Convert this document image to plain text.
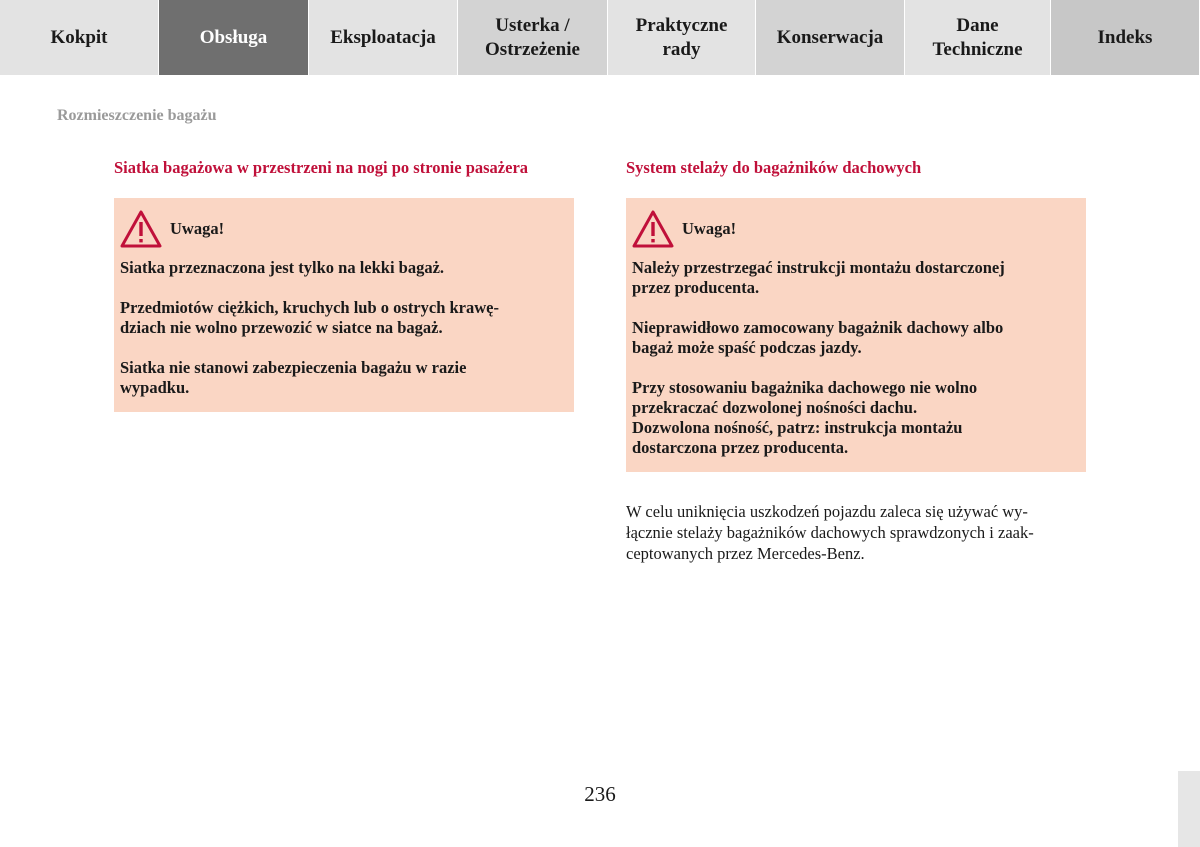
Kokpit	Obsługa	Eksploatacja
Usterka /
Ostrzeżenie
Praktyczne
rady
Konserwacja
Dane
Techniczne
Indeks
Rozmieszczenie bagażu
Siatka bagażowa w przestrzeni na nogi po stronie pasażera
Uwaga!

Siatka przeznaczona jest tylko na lekki bagaż.

Przedmiotów ciężkich, kruchych lub o ostrych krawę-
dziach nie wolno przewozić w siatce na bagaż.

Siatka nie stanowi zabezpieczenia bagażu w razie
wypadku.

System stelaży do bagażników dachowych
Uwaga!

Należy przestrzegać instrukcji montażu dostarczonej
przez producenta.

Nieprawidłowo zamocowany bagażnik dachowy albo
bagaż może spaść podczas jazdy.

Przy stosowaniu bagażnika dachowego nie wolno
przekraczać dozwolonej nośności dachu.
Dozwolona nośność, patrz: instrukcja montażu
dostarczona przez producenta.

W celu uniknięcia uszkodzeń pojazdu zaleca się używać wy-
łącznie stelaży bagażników dachowych sprawdzonych i zaak-
ceptowanych przez Mercedes-Benz.

236
